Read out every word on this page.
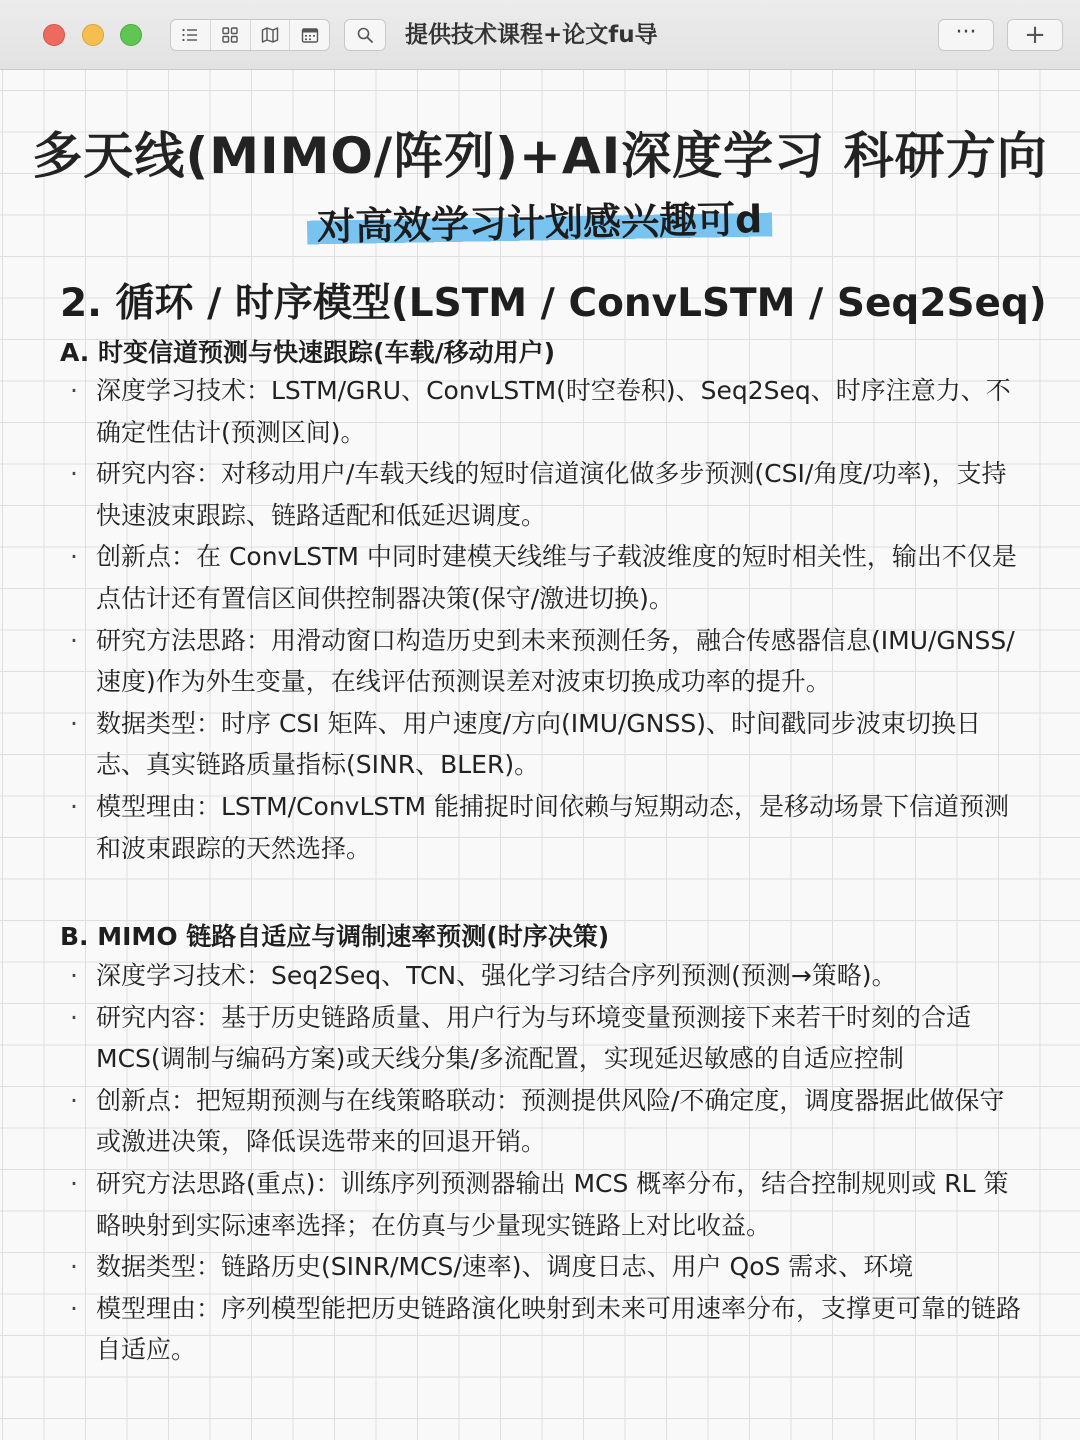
提供技术课程+论文fu导	···	+
多天线(MIMO/阵列)+AI深度学习 科研方向
对高效学习计划感兴趣可d
2. 循环 / 时序模型(LSTM / ConvLSTM / Seq2Seq)
A. 时变信道预测与快速跟踪(车载/移动用户)
· 深度学习技术：LSTM/GRU、ConvLSTM(时空卷积)、Seq2Seq、时序注意力、不确定性估计(预测区间)。
· 研究内容：对移动用户/车载天线的短时信道演化做多步预测(CSI/角度/功率)，支持快速波束跟踪、链路适配和低延迟调度。
· 创新点：在 ConvLSTM 中同时建模天线维与子载波维度的短时相关性，输出不仅是点估计还有置信区间供控制器决策(保守/激进切换)。
· 研究方法思路：用滑动窗口构造历史到未来预测任务，融合传感器信息(IMU/GNSS/速度)作为外生变量，在线评估预测误差对波束切换成功率的提升。
· 数据类型：时序 CSI 矩阵、用户速度/方向(IMU/GNSS)、时间戳同步波束切换日志、真实链路质量指标(SINR、BLER)。
· 模型理由：LSTM/ConvLSTM 能捕捉时间依赖与短期动态，是移动场景下信道预测和波束跟踪的天然选择。
B. MIMO 链路自适应与调制速率预测(时序决策)
· 深度学习技术：Seq2Seq、TCN、强化学习结合序列预测(预测→策略)。
· 研究内容：基于历史链路质量、用户行为与环境变量预测接下来若干时刻的合适 MCS(调制与编码方案)或天线分集/多流配置，实现延迟敏感的自适应控制
· 创新点：把短期预测与在线策略联动：预测提供风险/不确定度，调度器据此做保守或激进决策，降低误选带来的回退开销。
· 研究方法思路(重点)：训练序列预测器输出 MCS 概率分布，结合控制规则或 RL 策略映射到实际速率选择；在仿真与少量现实链路上对比收益。
· 数据类型：链路历史(SINR/MCS/速率)、调度日志、用户 QoS 需求、环境
· 模型理由：序列模型能把历史链路演化映射到未来可用速率分布，支撑更可靠的链路自适应。
